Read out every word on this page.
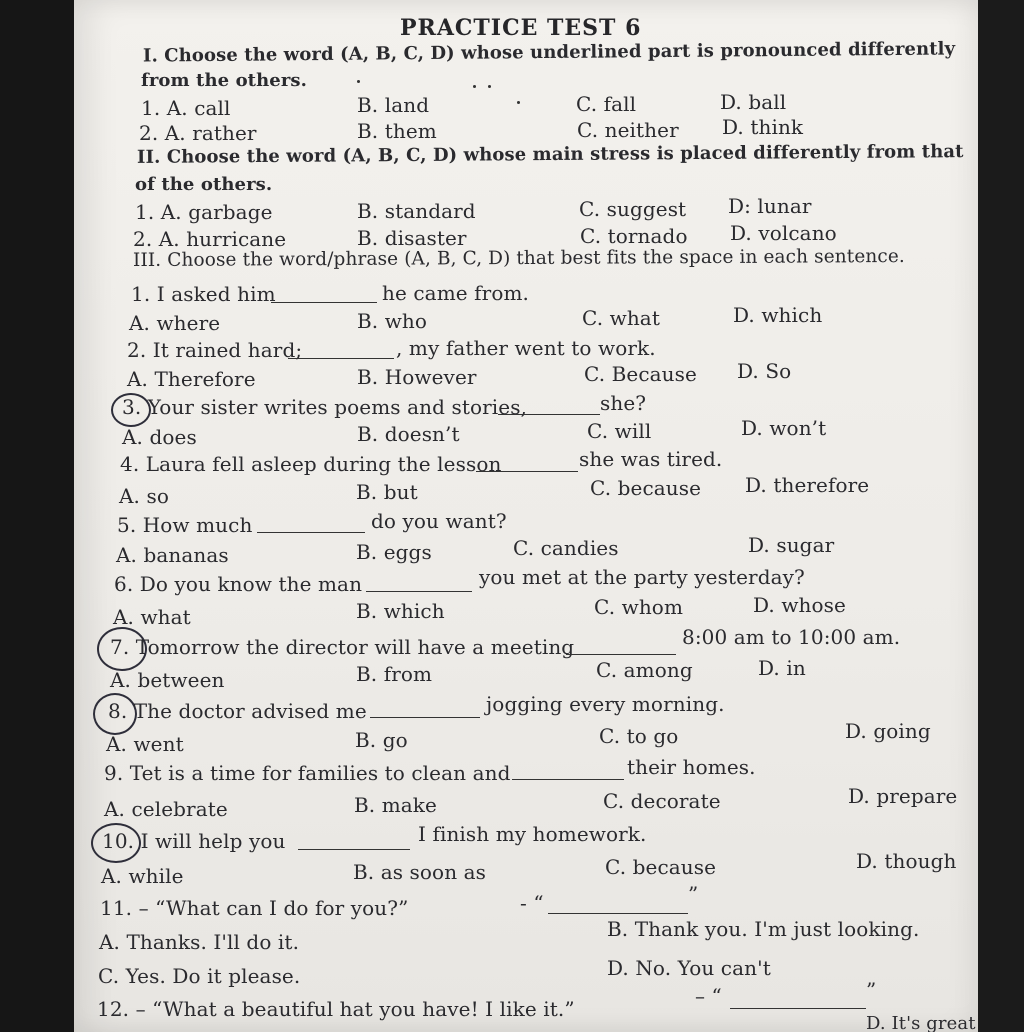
PRACTICE TEST 6
I. Choose the word (A, B, C, D) whose underlined part is pronounced differently
from the others.
1. A. call	B. land	C. fall	D. ball
2. A. rather	B. them	C. neither D. think
II. Choose the word (A, B, C, D) whose main stress is placed differently from that
of the others.
1. A. garbage	B. standard	C. suggest D: lunar
2. A. hurricane	B. disaster	C. tornado D. volcano
III. Choose the word/phrase (A, B, C, D) that best fits the space in each sentence.
1. I asked him	he came from.
A. where	B. who	C. what	D. which
2. It rained hard;	, my father went to work.
A. Therefore	B. However	C. Because D. So
3. Your sister writes poems and stories,	she?
A. does	B. doesn’t	C. will	D. won’t
4. Laura fell asleep during the lesson	she was tired.
A. so	B. but	C. because D. therefore
5. How much	do you want?
A. bananas	B. eggs	C. candies	D. sugar
6. Do you know the man	you met at the party yesterday?
A. what	B. which	C. whom	D. whose
7. Tomorrow the director will have a meeting	8:00 am to 10:00 am.
A. between	B. from	C. among	D. in
8. The doctor advised me	jogging every morning.
A. went	B. go	C. to go	D. going
9. Tet is a time for families to clean and	their homes.
A. celebrate	B. make	C. decorate	D. prepare
10. I will help you	I finish my homework.
A. while	B. as soon as	C. because	D. though
11. – “What can I do for you?”	- “	”
A. Thanks. I'll do it.
B. Thank you. I'm just looking.
C. Yes. Do it please.	D. No. You can't
12. – “What a beautiful hat you have! I like it.”
– “	”
D. It's great
